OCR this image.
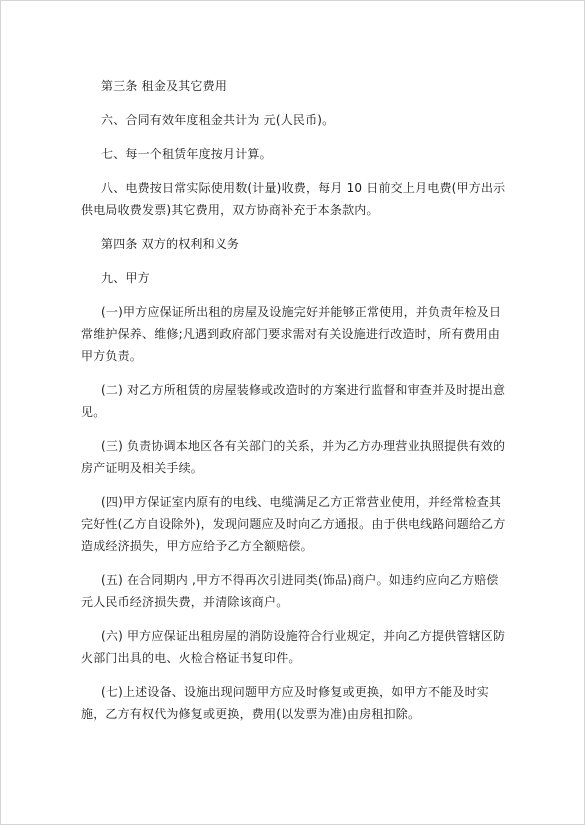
第三条 租金及其它费用

六、合同有效年度租金共计为 元(人民币)。

七、每一个租赁年度按月计算。

八、电费按日常实际使用数(计量)收费，每月 10 日前交上月电费(甲方出示供电局收费发票)其它费用，双方协商补充于本条款内。

第四条 双方的权利和义务

九、甲方

(一)甲方应保证所出租的房屋及设施完好并能够正常使用，并负责年检及日常维护保养、维修;凡遇到政府部门要求需对有关设施进行改造时，所有费用由甲方负责。

(二) 对乙方所租赁的房屋装修或改造时的方案进行监督和审查并及时提出意见。

(三) 负责协调本地区各有关部门的关系，并为乙方办理营业执照提供有效的房产证明及相关手续。

(四)甲方保证室内原有的电线、电缆满足乙方正常营业使用，并经常检查其完好性(乙方自设除外)，发现问题应及时向乙方通报。由于供电线路问题给乙方造成经济损失，甲方应给予乙方全额赔偿。

(五) 在合同期内 ,甲方不得再次引进同类(饰品)商户。如违约应向乙方赔偿 元人民币经济损失费，并清除该商户。

(六) 甲方应保证出租房屋的消防设施符合行业规定，并向乙方提供管辖区防火部门出具的电、火检合格证书复印件。

(七)上述设备、设施出现问题甲方应及时修复或更换，如甲方不能及时实施，乙方有权代为修复或更换，费用(以发票为准)由房租扣除。
